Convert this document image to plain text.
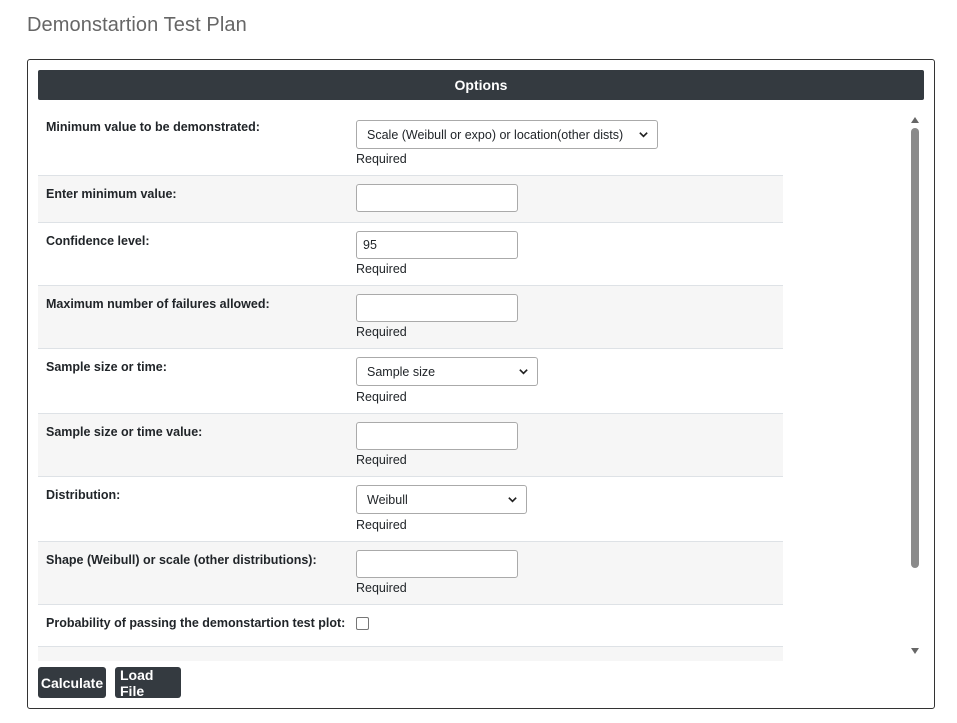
Demonstartion Test Plan
Options
Minimum value to be demonstrated:
Scale (Weibull or expo) or location(other dists)
Required
Enter minimum value:
Confidence level:	95
Required
Maximum number of failures allowed:
Required
Sample size or time:	Sample size
Required
Sample size or time value:
Required
Distribution:	Weibull
Required
Shape (Weibull) or scale (other distributions):
Required
Probability of passing the demonstartion test plot:
Calculate	Load File
